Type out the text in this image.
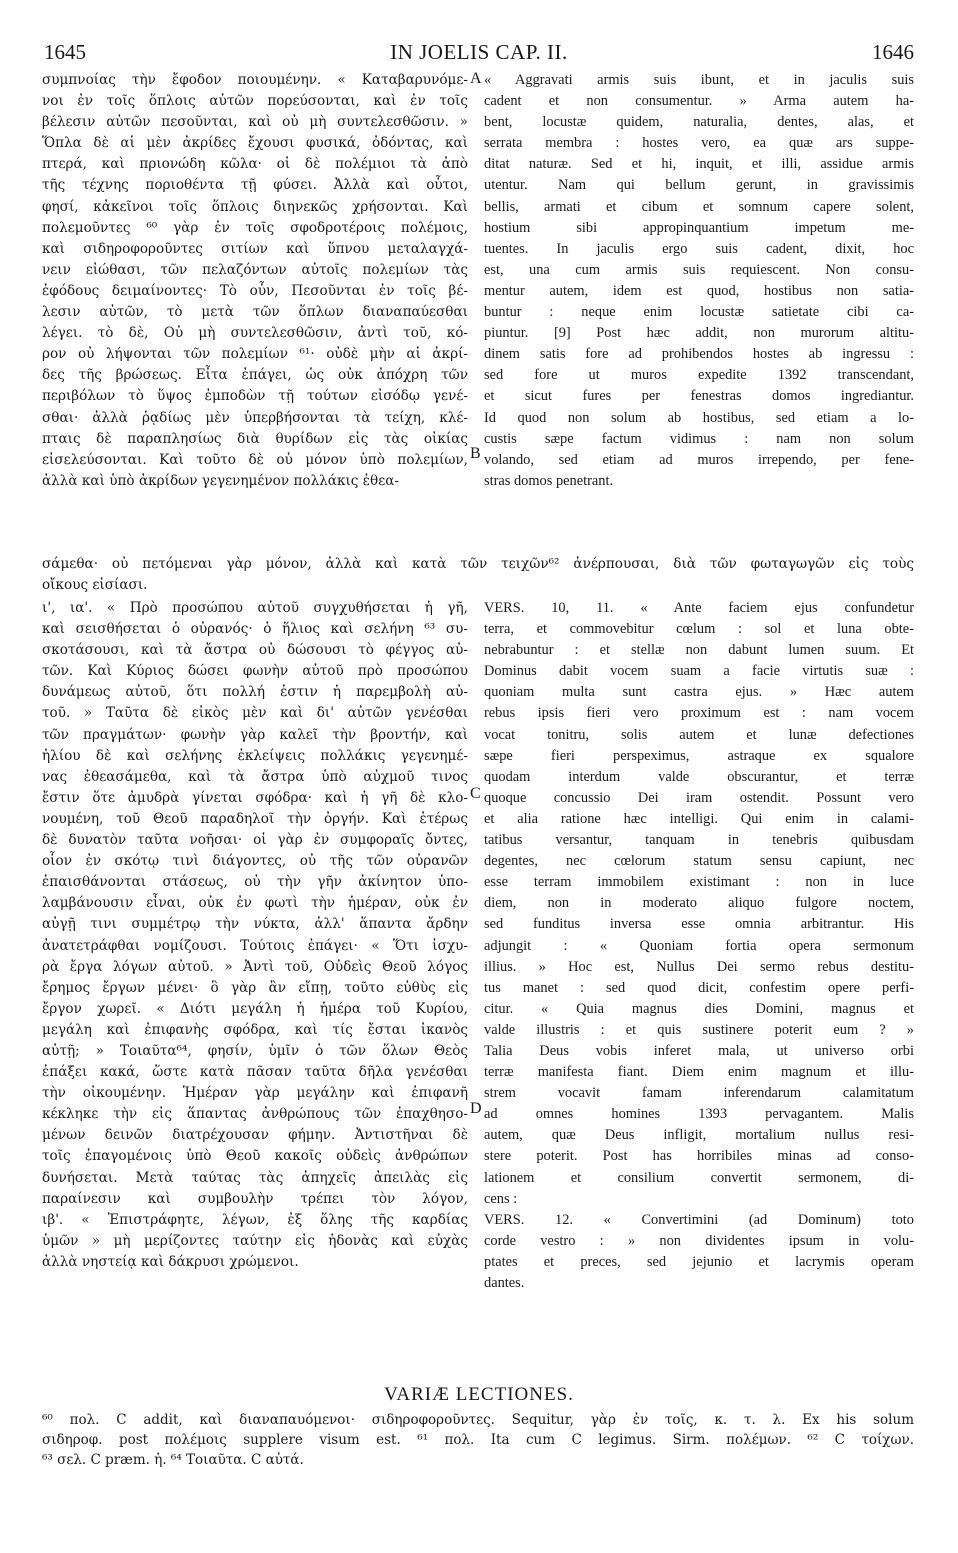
1645	IN JOELIS CAP. II.	1646
συμπνοίας τὴν ἔφοδον ποιουμένην. « Καταβαρυνόμε-
νοι ἐν τοῖς ὅπλοις αὐτῶν πορεύσονται, καὶ ἐν τοῖς
βέλεσιν αὐτῶν πεσοῦνται, καὶ οὐ μὴ συντελεσθῶσιν. »
Ὅπλα δὲ αἱ μὲν ἀκρίδες ἔχουσι φυσικά, ὀδόντας, καὶ
πτερά, καὶ πριονώδη κῶλα· οἱ δὲ πολέμιοι τὰ ἀπὸ
τῆς τέχνης ποριοθέντα τῇ φύσει. Ἀλλὰ καὶ οὗτοι,
φησί, κἀκεῖνοι τοῖς ὅπλοις διηνεκῶς χρήσονται. Καὶ
πολεμοῦντες ⁶⁰ γὰρ ἐν τοῖς σφοδροτέροις πολέμοις,
καὶ σιδηροφοροῦντες σιτίων καὶ ὕπνου μεταλαγχά-
νειν εἰώθασι, τῶν πελαζόντων αὐτοῖς πολεμίων τὰς
ἐφόδους δειμαίνοντες· Τὸ οὖν, Πεσοῦνται ἐν τοῖς βέ-
λεσιν αὐτῶν, τὸ μετὰ τῶν ὅπλων διαναπαύεσθαι
λέγει. τὸ δὲ, Οὐ μὴ συντελεσθῶσιν, ἀντὶ τοῦ, κό-
ρον οὐ λήψονται τῶν πολεμίων ⁶¹· οὐδὲ μὴν αἱ ἀκρί-
δες τῆς βρώσεως. Εἶτα ἐπάγει, ὡς οὐκ ἀπόχρη τῶν
περιβόλων τὸ ὕψος ἐμποδὼν τῇ τούτων εἰσόδῳ γενέ-
σθαι· ἀλλὰ ῥᾳδίως μὲν ὑπερβήσονται τὰ τείχη, κλέ-
πταις δὲ παραπλησίως διὰ θυρίδων εἰς τὰς οἰκίας
εἰσελεύσονται. Καὶ τοῦτο δὲ οὐ μόνον ὑπὸ πολεμίων,
ἀλλὰ καὶ ὑπὸ ἀκρίδων γεγενημένον πολλάκις ἐθεα-
« Aggravati armis suis ibunt, et in jaculis suis
cadent et non consumentur. » Arma autem ha-
bent, locustæ quidem, naturalia, dentes, alas, et
serrata membra : hostes vero, ea quæ ars suppe-
ditat naturæ. Sed et hi, inquit, et illi, assidue armis
utentur. Nam qui bellum gerunt, in gravissimis
bellis, armati et cibum et somnum capere solent,
hostium sibi appropinquantium impetum me-
tuentes. In jaculis ergo suis cadent, dixit, hoc
est, una cum armis suis requiescent. Non consu-
mentur autem, idem est quod, hostibus non satia-
buntur : neque enim locustæ satietate cibi ca-
piuntur. [9] Post hæc addit, non murorum altitu-
dinem satis fore ad prohibendos hostes ab ingressu :
sed fore ut muros expedite 1392 transcendant,
et sicut fures per fenestras domos ingrediantur.
Id quod non solum ab hostibus, sed etiam a lo-
custis sæpe factum vidimus : nam non solum
volando, sed etiam ad muros irrependo, per fene-
stras domos penetrant.
A
B
C
D
σάμεθα· οὐ πετόμεναι γὰρ μόνον, ἀλλὰ καὶ κατὰ τῶν τειχῶν⁶² ἀνέρπουσαι, διὰ τῶν φωταγωγῶν εἰς τοὺς
οἴκους εἰσίασι.
ι', ια'. « Πρὸ προσώπου αὐτοῦ συγχυθήσεται ἡ γῆ,
καὶ σεισθήσεται ὁ οὐρανός· ὁ ἥλιος καὶ σελήνη ⁶³ συ-
σκοτάσουσι, καὶ τὰ ἄστρα οὐ δώσουσι τὸ φέγγος αὐ-
τῶν. Καὶ Κύριος δώσει φωνὴν αὐτοῦ πρὸ προσώπου
δυνάμεως αὐτοῦ, ὅτι πολλή ἐστιν ἡ παρεμβολὴ αὐ-
τοῦ. » Ταῦτα δὲ εἰκὸς μὲν καὶ δι' αὐτῶν γενέσθαι
τῶν πραγμάτων· φωνὴν γὰρ καλεῖ τὴν βροντήν, καὶ
ἡλίου δὲ καὶ σελήνης ἐκλείψεις πολλάκις γεγενημέ-
νας ἐθεασάμεθα, καὶ τὰ ἄστρα ὑπὸ αὐχμοῦ τινος
ἔστιν ὅτε ἀμυδρὰ γίνεται σφόδρα· καὶ ἡ γῆ δὲ κλο-
νουμένη, τοῦ Θεοῦ παραδηλοῖ τὴν ὀργήν. Καὶ ἑτέρως
δὲ δυνατὸν ταῦτα νοῆσαι· οἱ γὰρ ἐν συμφοραῖς ὄντες,
οἷον ἐν σκότῳ τινὶ διάγοντες, οὐ τῆς τῶν οὐρανῶν
ἐπαισθάνονται στάσεως, οὐ τὴν γῆν ἀκίνητον ὑπο-
λαμβάνουσιν εἶναι, οὐκ ἐν φωτὶ τὴν ἡμέραν, οὐκ ἐν
αὐγῇ τινι συμμέτρῳ τὴν νύκτα, ἀλλ' ἅπαντα ἄρδην
ἀνατετράφθαι νομίζουσι. Τούτοις ἐπάγει· « Ὅτι ἰσχυ-
ρὰ ἔργα λόγων αὐτοῦ. » Ἀντὶ τοῦ, Οὐδεὶς Θεοῦ λόγος
ἔρημος ἔργων μένει· ὃ γὰρ ἂν εἴπῃ, τοῦτο εὐθὺς εἰς
ἔργον χωρεῖ. « Διότι μεγάλη ἡ ἡμέρα τοῦ Κυρίου,
μεγάλη καὶ ἐπιφανὴς σφόδρα, καὶ τίς ἔσται ἱκανὸς
αὐτῇ; » Τοιαῦτα⁶⁴, φησίν, ὑμῖν ὁ τῶν ὅλων Θεὸς
ἐπάξει κακά, ὥστε κατὰ πᾶσαν ταῦτα δῆλα γενέσθαι
τὴν οἰκουμένην. Ἡμέραν γὰρ μεγάλην καὶ ἐπιφανῆ
κέκληκε τὴν εἰς ἅπαντας ἀνθρώπους τῶν ἐπαχθησο-
μένων δεινῶν διατρέχουσαν φήμην. Ἀντιστῆναι δὲ
τοῖς ἐπαγομένοις ὑπὸ Θεοῦ κακοῖς οὐδεὶς ἀνθρώπων
δυνήσεται. Μετὰ ταύτας τὰς ἀπηχεῖς ἀπειλὰς εἰς
παραίνεσιν καὶ συμβουλὴν τρέπει τὸν λόγον,
ιβ'. « Ἐπιστράφητε, λέγων, ἐξ ὅλης τῆς καρδίας
ὑμῶν » μὴ μερίζοντες ταύτην εἰς ἡδονὰς καὶ εὐχὰς
ἀλλὰ νηστείᾳ καὶ δάκρυσι χρώμενοι.
VERS. 10, 11. « Ante faciem ejus confundetur
terra, et commovebitur cœlum : sol et luna obte-
nebrabuntur : et stellæ non dabunt lumen suum. Et
Dominus dabit vocem suam a facie virtutis suæ :
quoniam multa sunt castra ejus. » Hæc autem
rebus ipsis fieri vero proximum est : nam vocem
vocat tonitru, solis autem et lunæ defectiones
sæpe fieri perspeximus, astraque ex squalore
quodam interdum valde obscurantur, et terræ
quoque concussio Dei iram ostendit. Possunt vero
et alia ratione hæc intelligi. Qui enim in calami-
tatibus versantur, tanquam in tenebris quibusdam
degentes, nec cœlorum statum sensu capiunt, nec
esse terram immobilem existimant : non in luce
diem, non in moderato aliquo fulgore noctem,
sed funditus inversa esse omnia arbitrantur. His
adjungit : « Quoniam fortia opera sermonum
illius. » Hoc est, Nullus Dei sermo rebus destitu-
tus manet : sed quod dicit, confestim opere perfi-
citur. « Quia magnus dies Domini, magnus et
valde illustris : et quis sustinere poterit eum ? »
Talia Deus vobis inferet mala, ut universo orbi
terræ manifesta fiant. Diem enim magnum et illu-
strem vocavit famam inferendarum calamitatum
ad omnes homines 1393 pervagantem. Malis
autem, quæ Deus infligit, mortalium nullus resi-
stere poterit. Post has horribiles minas ad conso-
lationem et consilium convertit sermonem, di-
cens :
VERS. 12. « Convertimini (ad Dominum) toto
corde vestro : » non dividentes ipsum in volu-
ptates et preces, sed jejunio et lacrymis operam
dantes.
VARIÆ LECTIONES.
⁶⁰ πολ. C addit, καὶ διαναπαυόμενοι· σιδηροφοροῦντες. Sequitur, γὰρ ἐν τοῖς, κ. τ. λ. Ex his solum
σιδηροφ. post πολέμοις supplere visum est. ⁶¹ πολ. Ita cum C legimus. Sirm. πολέμων. ⁶² C τοίχων.
⁶³ σελ. C præm. ἡ. ⁶⁴ Τοιαῦτα. C αὐτά.
